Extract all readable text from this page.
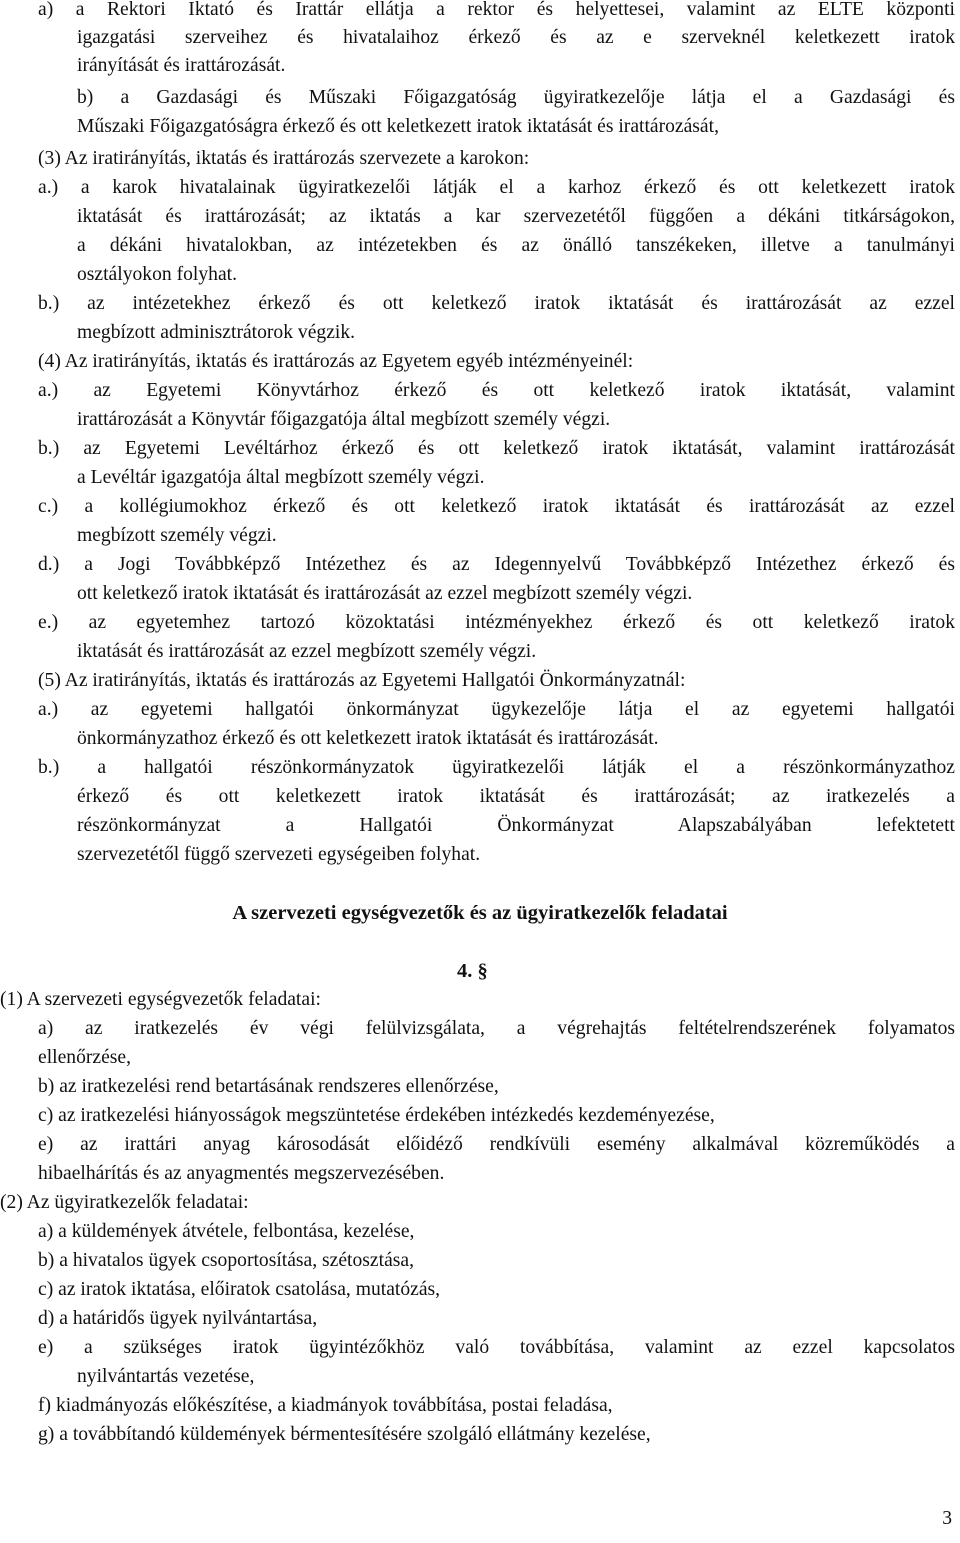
a) a Rektori Iktató és Irattár ellátja a rektor és helyettesei, valamint az ELTE központi
igazgatási szerveihez és hivatalaihoz érkező és az e szerveknél keletkezett iratok
irányítását és irattározását.
b) a Gazdasági és Műszaki Főigazgatóság ügyiratkezelője látja el a Gazdasági és
Műszaki Főigazgatóságra érkező és ott keletkezett iratok iktatását és irattározását,
(3) Az iratirányítás, iktatás és irattározás szervezete a karokon:
a.) a karok hivatalainak ügyiratkezelői látják el a karhoz érkező és ott keletkezett iratok
iktatását és irattározását; az iktatás a kar szervezetétől függően a dékáni titkárságokon,
a dékáni hivatalokban, az intézetekben és az önálló tanszékeken, illetve a tanulmányi
osztályokon folyhat.
b.) az intézetekhez érkező és ott keletkező iratok iktatását és irattározását az ezzel
megbízott adminisztrátorok végzik.
(4) Az iratirányítás, iktatás és irattározás az Egyetem egyéb intézményeinél:
a.) az Egyetemi Könyvtárhoz érkező és ott keletkező iratok iktatását, valamint
irattározását a Könyvtár főigazgatója által megbízott személy végzi.
b.) az Egyetemi Levéltárhoz érkező és ott keletkező iratok iktatását, valamint irattározását
a Levéltár igazgatója által megbízott személy végzi.
c.) a kollégiumokhoz érkező és ott keletkező iratok iktatását és irattározását az ezzel
megbízott személy végzi.
d.) a Jogi Továbbképző Intézethez és az Idegennyelvű Továbbképző Intézethez érkező és
ott keletkező iratok iktatását és irattározását az ezzel megbízott személy végzi.
e.) az egyetemhez tartozó közoktatási intézményekhez érkező és ott keletkező iratok
iktatását és irattározását az ezzel megbízott személy végzi.
(5) Az iratirányítás, iktatás és irattározás az Egyetemi Hallgatói Önkormányzatnál:
a.) az egyetemi hallgatói önkormányzat ügykezelője látja el az egyetemi hallgatói
önkormányzathoz érkező és ott keletkezett iratok iktatását és irattározását.
b.) a hallgatói részönkormányzatok ügyiratkezelői látják el a részönkormányzathoz
érkező és ott keletkezett iratok iktatását és irattározását; az iratkezelés a
részönkormányzat a Hallgatói Önkormányzat Alapszabályában lefektetett
szervezetétől függő szervezeti egységeiben folyhat.
A szervezeti egységvezetők és az ügyiratkezelők feladatai
4. §
(1) A szervezeti egységvezetők feladatai:
a) az iratkezelés év végi felülvizsgálata, a végrehajtás feltételrendszerének folyamatos
ellenőrzése,
b) az iratkezelési rend betartásának rendszeres ellenőrzése,
c) az iratkezelési hiányosságok megszüntetése érdekében intézkedés kezdeményezése,
e) az irattári anyag károsodását előidéző rendkívüli esemény alkalmával közreműködés a
hibaelhárítás és az anyagmentés megszervezésében.
(2) Az ügyiratkezelők feladatai:
a) a küldemények átvétele, felbontása, kezelése,
b) a hivatalos ügyek csoportosítása, szétosztása,
c) az iratok iktatása, előiratok csatolása, mutatózás,
d) a határidős ügyek nyilvántartása,
e) a szükséges iratok ügyintézőkhöz való továbbítása, valamint az ezzel kapcsolatos
nyilvántartás vezetése,
f) kiadmányozás előkészítése, a kiadmányok továbbítása, postai feladása,
g) a továbbítandó küldemények bérmentesítésére szolgáló ellátmány kezelése,
3
